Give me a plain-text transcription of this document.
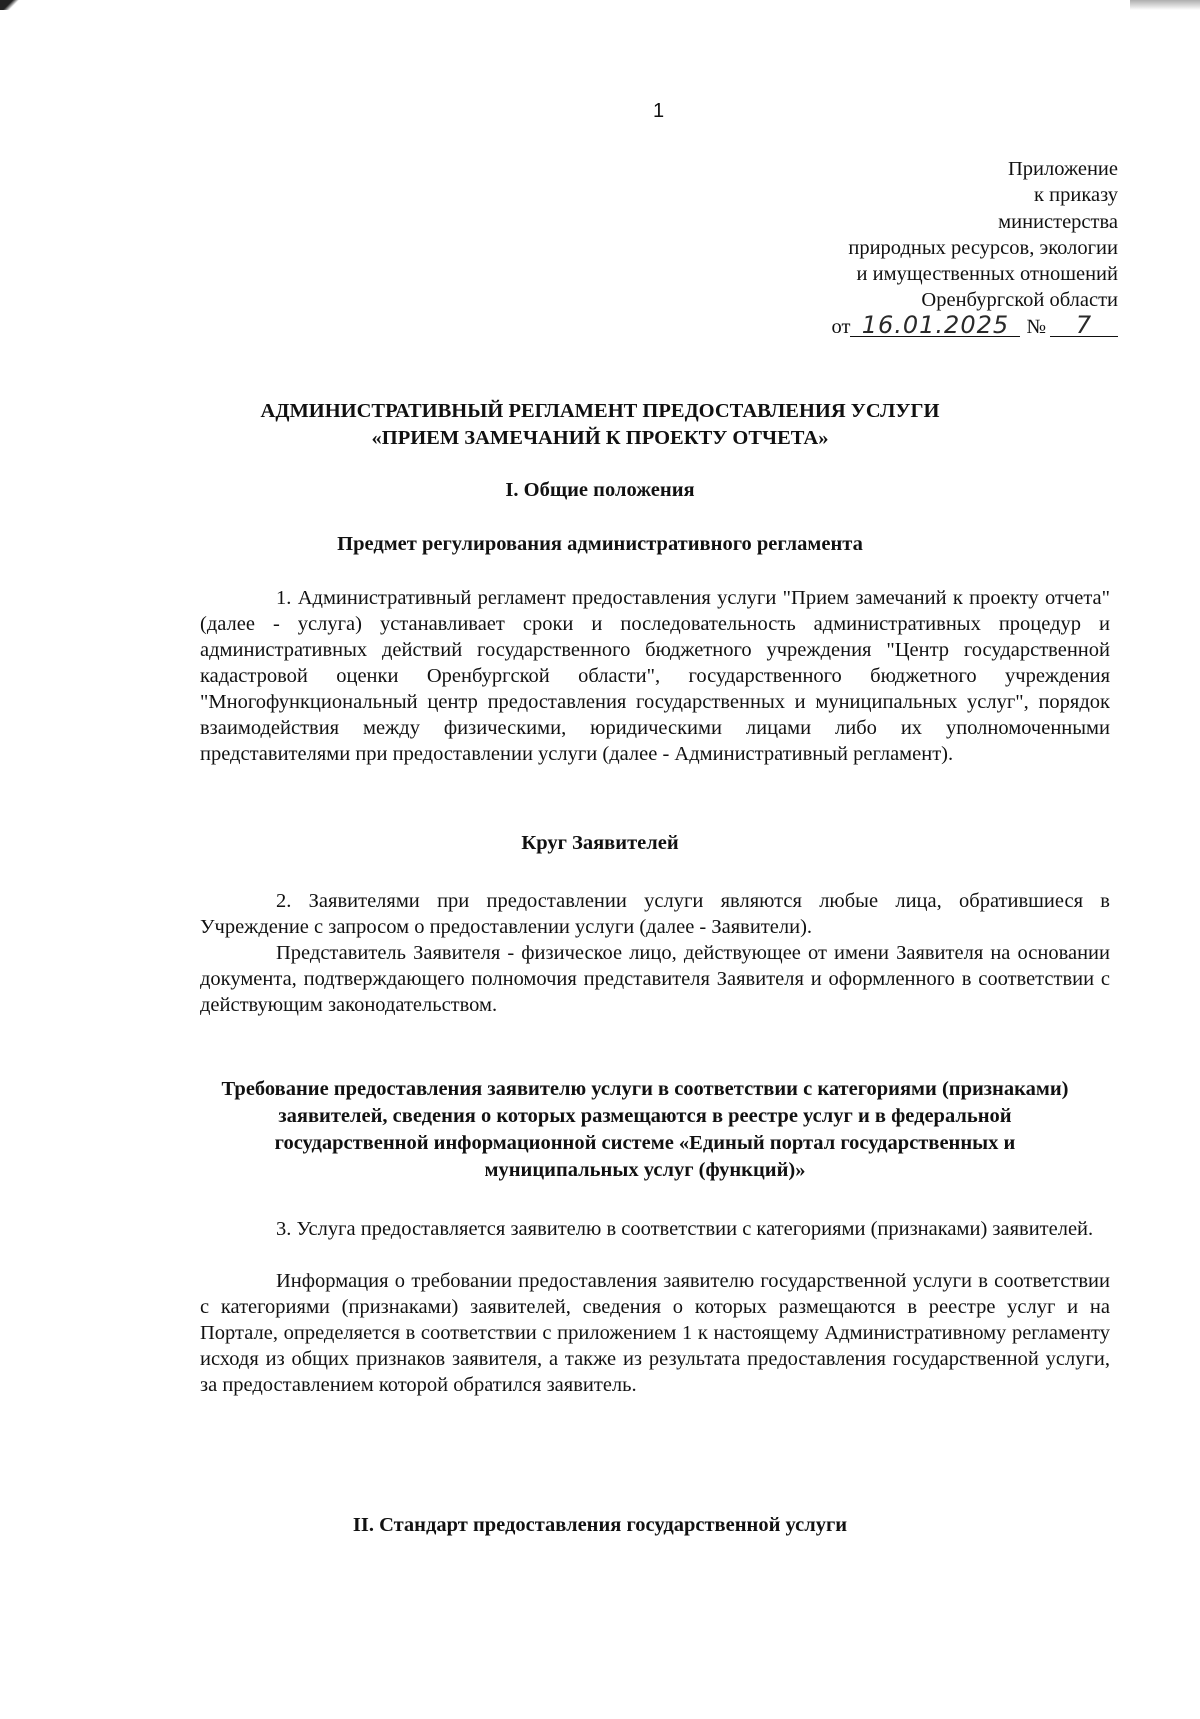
1
Приложение
к приказу
министерства
природных ресурсов, экологии
и имущественных отношений
Оренбургской области
от 16.01.2025 №	7
АДМИНИСТРАТИВНЫЙ РЕГЛАМЕНТ ПРЕДОСТАВЛЕНИЯ УСЛУГИ
«ПРИЕМ ЗАМЕЧАНИЙ К ПРОЕКТУ ОТЧЕТА»
I. Общие положения
Предмет регулирования административного регламента

1. Административный регламент предоставления услуги "Прием замечаний к проекту отчета" (далее - услуга) устанавливает сроки и последовательность административных процедур и административных действий государственного бюджетного учреждения "Центр государственной кадастровой оценки Оренбургской области", государственного бюджетного учреждения "Многофункциональный центр предоставления государственных и муниципальных услуг", порядок взаимодействия между физическими, юридическими лицами либо их уполномоченными представителями при предоставлении услуги (далее - Административный регламент).

Круг Заявителей

2. Заявителями при предоставлении услуги являются любые лица, обратившиеся в Учреждение с запросом о предоставлении услуги (далее - Заявители).

Представитель Заявителя - физическое лицо, действующее от имени Заявителя на основании документа, подтверждающего полномочия представителя Заявителя и оформленного в соответствии с действующим законодательством.

Требование предоставления заявителю услуги в соответствии с категориями (признаками) заявителей, сведения о которых размещаются в реестре услуг и в федеральной государственной информационной системе «Единый портал государственных и муниципальных услуг (функций)»

3. Услуга предоставляется заявителю в соответствии с категориями (признаками) заявителей.

Информация о требовании предоставления заявителю государственной услуги в соответствии с категориями (признаками) заявителей, сведения о которых размещаются в реестре услуг и на Портале, определяется в соответствии с приложением 1 к настоящему Административному регламенту исходя из общих признаков заявителя, а также из результата предоставления государственной услуги, за предоставлением которой обратился заявитель.

II. Стандарт предоставления государственной услуги
